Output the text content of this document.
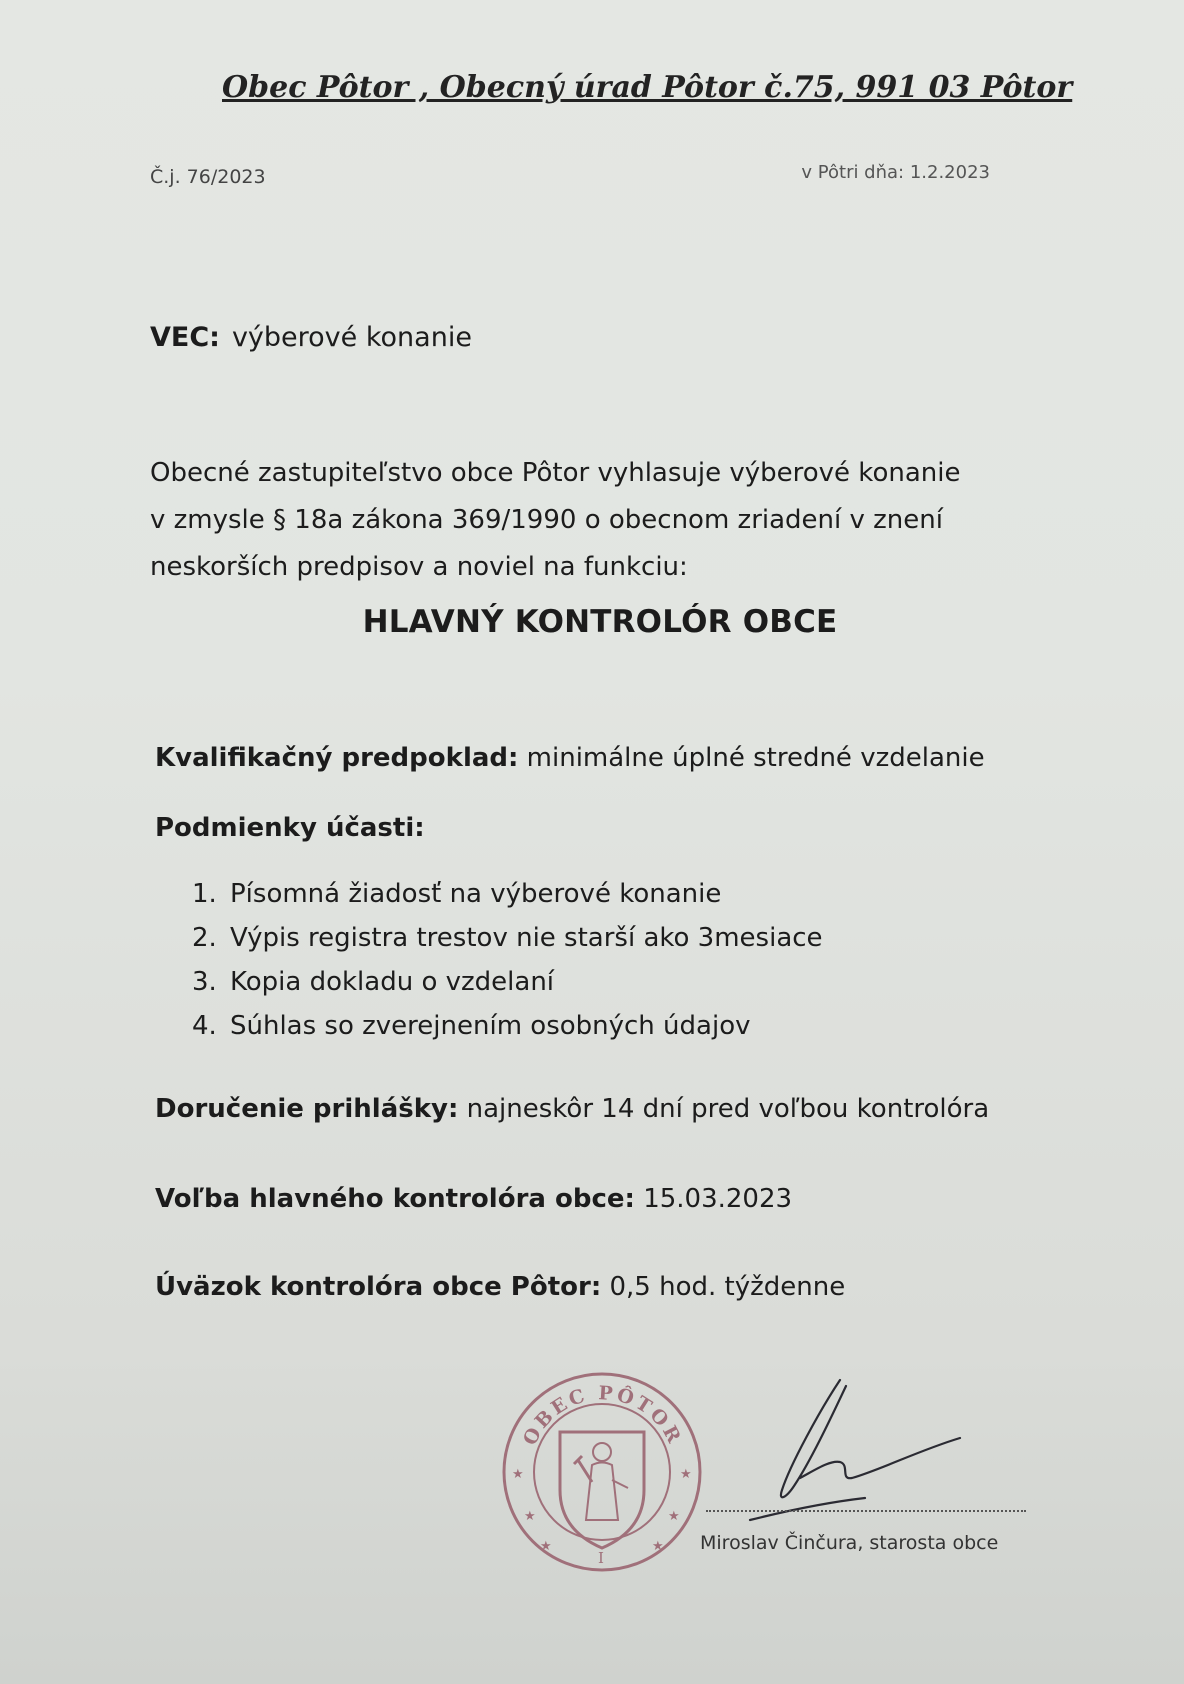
Obec Pôtor , Obecný úrad Pôtor č.75, 991 03 Pôtor
Č.j. 76/2023	v Pôtri dňa: 1.2.2023
VEC: výberové konanie
Obecné zastupiteľstvo obce Pôtor vyhlasuje výberové konanie
v zmysle § 18a zákona 369/1990 o obecnom zriadení v znení
neskorších predpisov a noviel na funkciu:
HLAVNÝ KONTROLÓR OBCE
Kvalifikačný predpoklad: minimálne úplné stredné vzdelanie
Podmienky účasti:
1. Písomná žiadosť na výberové konanie
2. Výpis registra trestov nie starší ako 3mesiace
3. Kopia dokladu o vzdelaní
4. Súhlas so zverejnením osobných údajov
Doručenie prihlášky: najneskôr 14 dní pred voľbou kontrolóra
Voľba hlavného kontrolóra obce: 15.03.2023
Úväzok kontrolóra obce Pôtor: 0,5 hod. týždenne
OBEC PÔTOR
★
★
★
★
★
★
I
Miroslav Činčura, starosta obce
